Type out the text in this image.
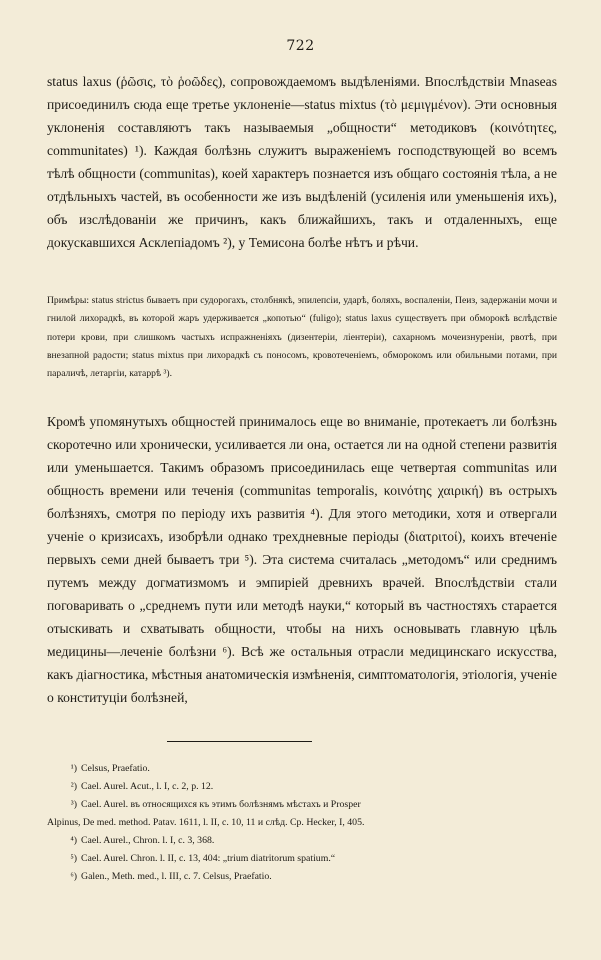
722
status laxus (ῥῶσις, τὸ ῥοῶδες), сопровождаемомъ выдѣленіями. Впослѣдствіи Mnaseas присоединилъ сюда еще третье уклоненіе—status mixtus (τὸ μεμιγμένον). Эти основныя уклоненія составляютъ такъ называемыя „общности“ методиковъ (κοινότητες, communitates) ¹). Каждая болѣзнь служитъ выраженіемъ господствующей во всемъ тѣлѣ общности (communitas), коей характеръ познается изъ общаго состоянія тѣла, а не отдѣльныхъ частей, въ особенности же изъ выдѣленій (усиленія или уменьшенія ихъ), объ изслѣдованіи же причинъ, какъ ближайшихъ, такъ и отдаленныхъ, еще докускавшихся Асклепіадомъ ²), у Темисона болѣе нѣтъ и рѣчи.
Примѣры: status strictus бываетъ при судорогахъ, столбнякѣ, эпилепсіи, ударѣ, боляхъ, воспаленіи, Пеиз, задержаніи мочи и гнилой лихорадкѣ, въ которой жаръ удерживается „копотью“ (fuligo); status laxus существуетъ при обморокѣ вслѣдствіе потери крови, при слишкомъ частыхъ испражненіяхъ (дизентеріи, ліентеріи), сахарномъ мочеизнуреніи, рвотѣ, при внезапной радости; status mixtus при лихорадкѣ съ поносомъ, кровотеченіемъ, обморокомъ или обильными потами, при параличѣ, летаргіи, катаррѣ ³).
Кромѣ упомянутыхъ общностей принималось еще во вниманіе, протекаетъ ли болѣзнь скоротечно или хронически, усиливается ли она, остается ли на одной степени развитія или уменьшается. Такимъ образомъ присоединилась еще четвертая communitas или общность времени или теченія (communitas temporalis, κοινότης χαιρική) въ острыхъ болѣзняхъ, смотря по періоду ихъ развитія ⁴). Для этого методики, хотя и отвергали ученіе о кризисахъ, изобрѣли однако трехдневные періоды (διατριτοί), коихъ втеченіе первыхъ семи дней бываетъ три ⁵). Эта система считалась „методомъ“ или среднимъ путемъ между догматизмомъ и эмпиріей древнихъ врачей. Впослѣдствіи стали поговаривать о „среднемъ пути или методѣ науки,“ который въ частностяхъ старается отыскивать и схватывать общности, чтобы на нихъ основывать главную цѣль медицины—леченіе болѣзни ⁶). Всѣ же остальныя отрасли медицинскаго искусства, какъ діагностика, мѣстныя анатомическія измѣненія, симптоматологія, этіологія, ученіе о конституціи болѣзней,
¹) Celsus, Praefatio.
²) Cael. Aurel. Acut., l. I, c. 2, p. 12.
³) Cael. Aurel. въ относящихся къ этимъ болѣзнямъ мѣстахъ и Prosper
Alpinus, De med. method. Patav. 1611, l. II, c. 10, 11 и слѣд. Ср. Hecker, I, 405.
⁴) Cael. Aurel., Chron. l. I, c. 3, 368.
⁵) Cael. Aurel. Chron. l. II, c. 13, 404: „trium diatritorum spatium.“
⁶) Galen., Meth. med., l. III, c. 7. Celsus, Praefatio.
